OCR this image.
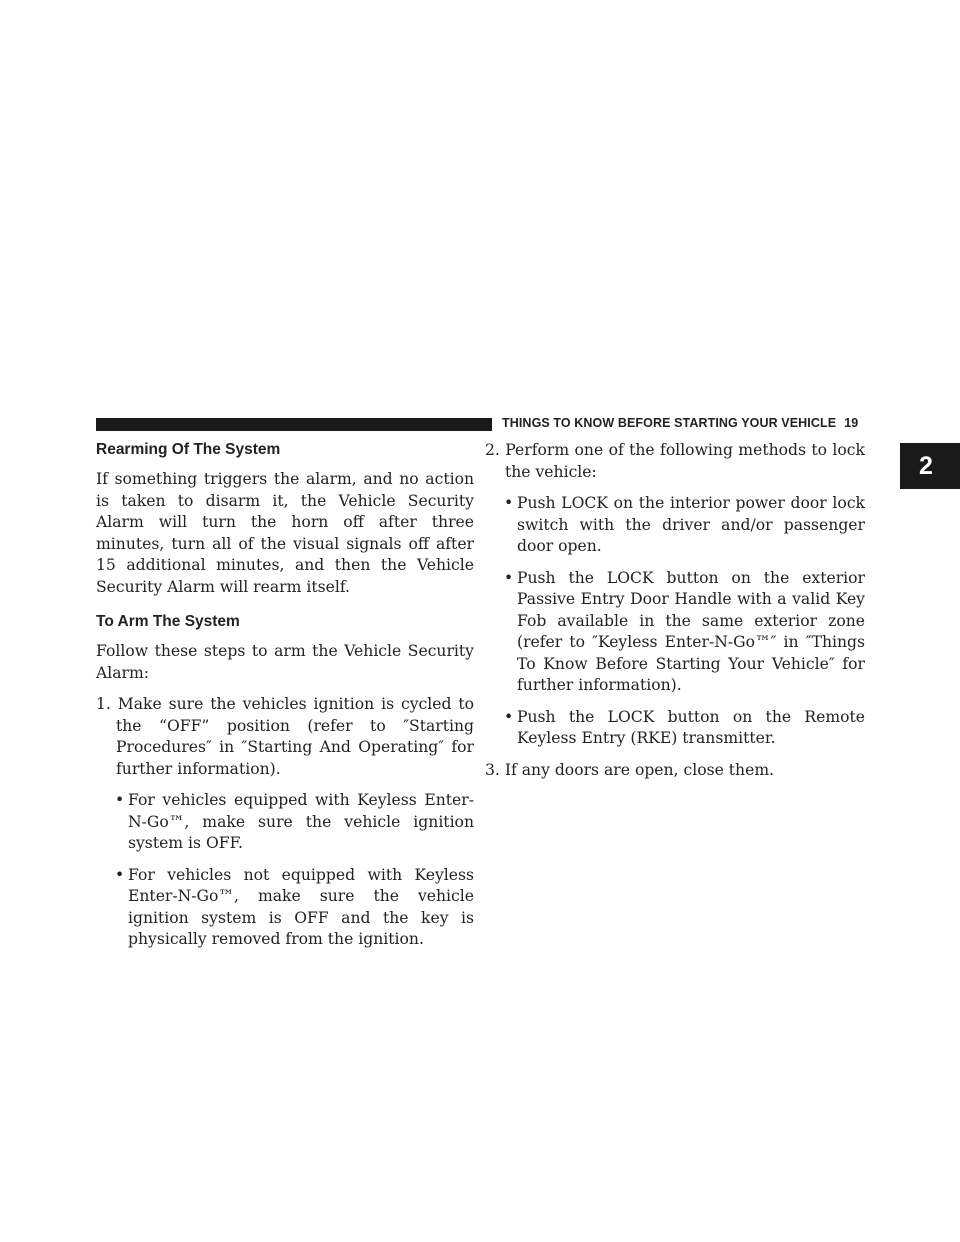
THINGS TO KNOW BEFORE STARTING YOUR VEHICLE 19
2
Rearming Of The System

If something triggers the alarm, and no action is taken to disarm it, the Vehicle Security Alarm will turn the horn off after three minutes, turn all of the visual signals off after 15 additional minutes, and then the Vehicle Security Alarm will rearm itself.

To Arm The System

Follow these steps to arm the Vehicle Security Alarm:

1. Make sure the vehicles ignition is cycled to the “OFF” position (refer to ″Starting Procedures″ in ″Starting And Operating″ for further information).
• For vehicles equipped with Keyless Enter-N-Go™, make sure the vehicle ignition system is OFF.
• For vehicles not equipped with Keyless Enter-N-Go™, make sure the vehicle ignition system is OFF and the key is physically removed from the ignition.
2. Perform one of the following methods to lock the vehicle:
• Push LOCK on the interior power door lock switch with the driver and/or passenger door open.
• Push the LOCK button on the exterior Passive Entry Door Handle with a valid Key Fob available in the same exterior zone (refer to ″Keyless Enter-N-Go™″ in ″Things To Know Before Starting Your Vehicle″ for further information).
• Push the LOCK button on the Remote Keyless Entry (RKE) transmitter.
3. If any doors are open, close them.
